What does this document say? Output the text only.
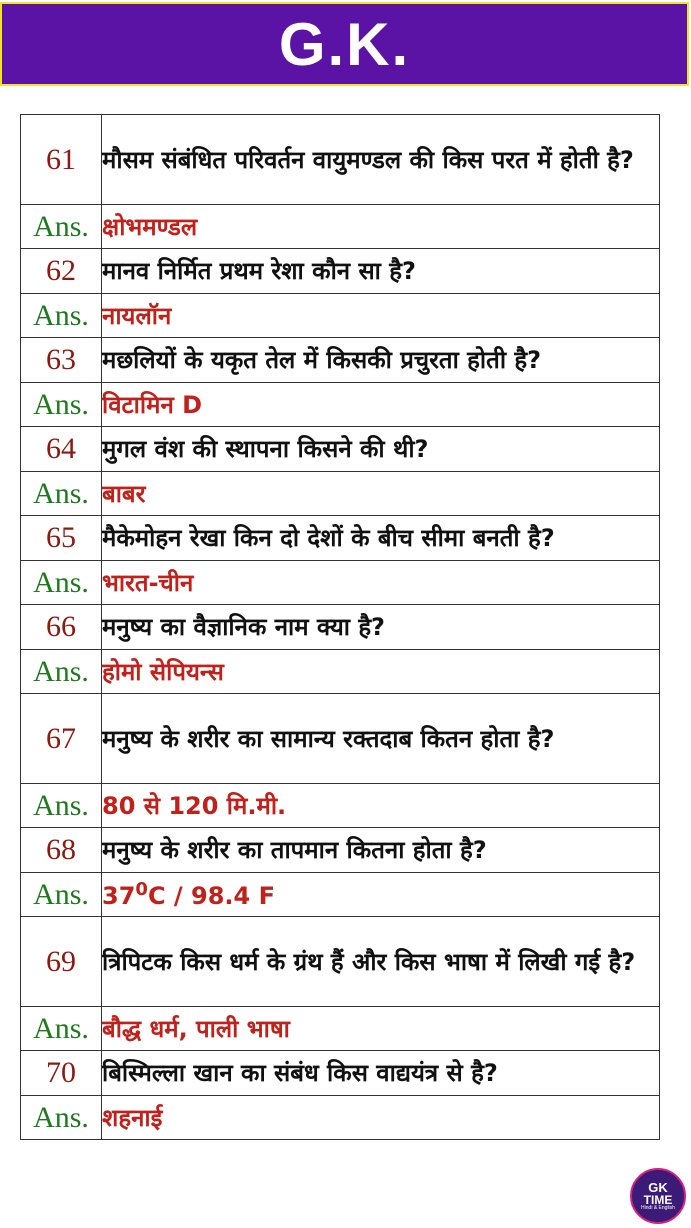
G.K.
61	मौसम संबंधित परिवर्तन वायुमण्डल की किस परत में होती है?
Ans.	क्षोभमण्डल
62	मानव निर्मित प्रथम रेशा कौन सा है?
Ans.	नायलॉन
63	मछलियों के यकृत तेल में किसकी प्रचुरता होती है?
Ans.	विटामिन D
64	मुगल वंश की स्थापना किसने की थी?
Ans.	बाबर
65	मैकेमोहन रेखा किन दो देशों के बीच सीमा बनती है?
Ans.	भारत-चीन
66	मनुष्य का वैज्ञानिक नाम क्या है?
Ans.	होमो सेपियन्स
67	मनुष्य के शरीर का सामान्य रक्तदाब कितन होता है?
Ans.	80 से 120 मि.मी.
68	मनुष्य के शरीर का तापमान कितना होता है?
Ans.	$37^0C / 98.4$ F
69	त्रिपिटक किस धर्म के ग्रंथ हैं और किस भाषा में लिखी गई है?
Ans.	बौद्ध धर्म, पाली भाषा
70	बिस्मिल्ला खान का संबंध किस वाद्ययंत्र से है?
Ans.	शहनाई
GK
TIME
Hindi & English
